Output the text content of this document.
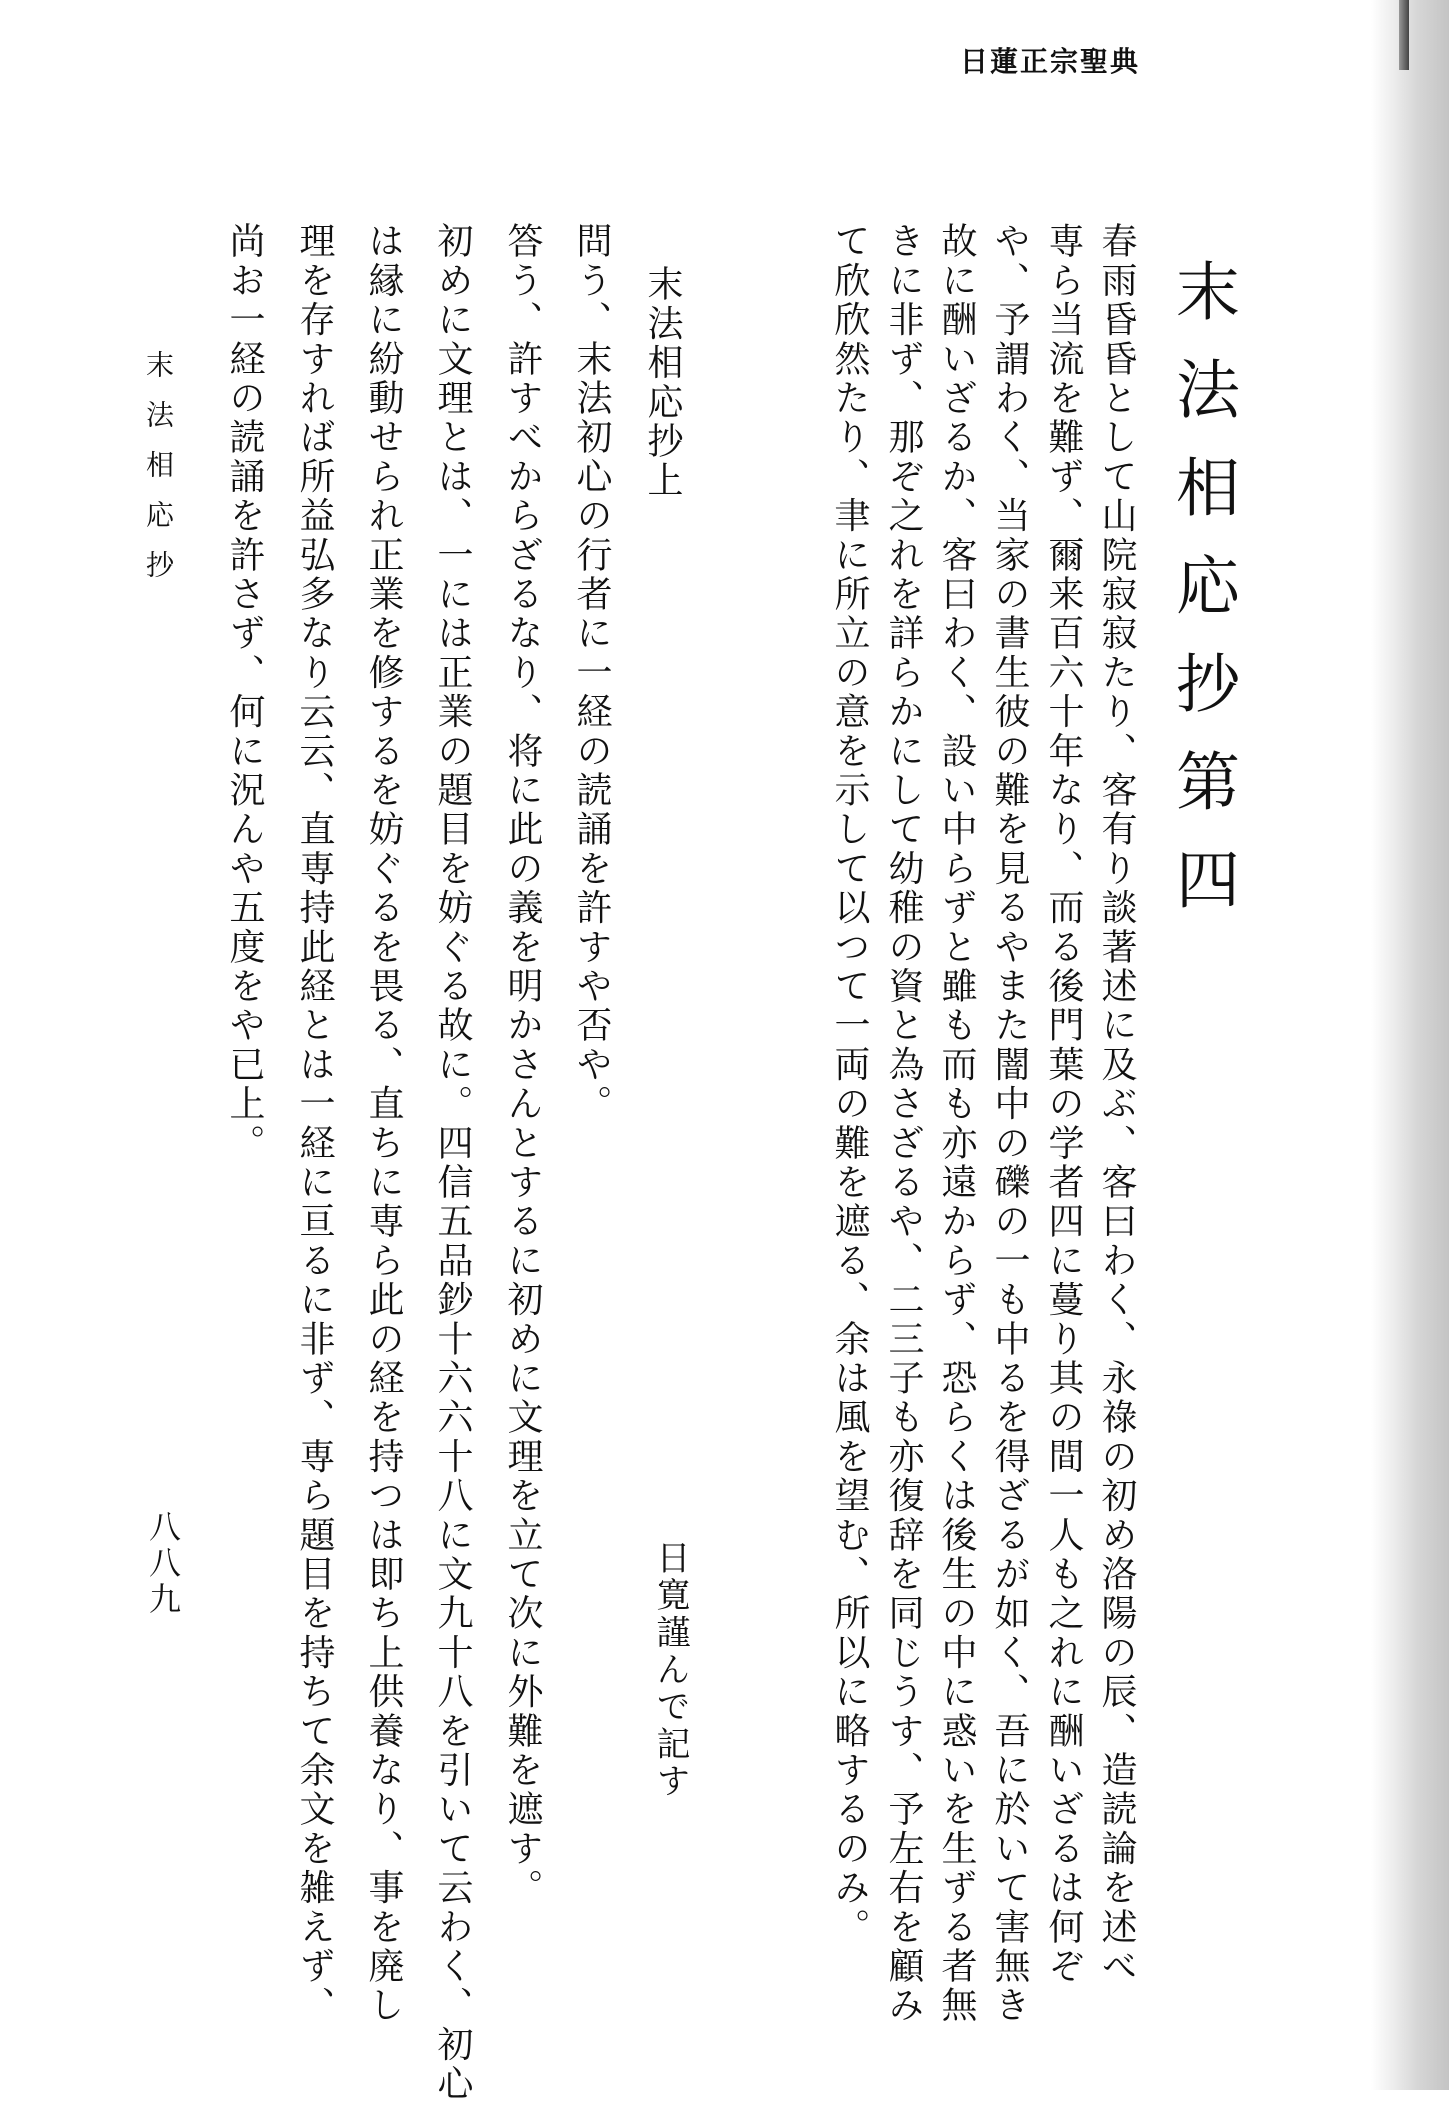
日蓮正宗聖典
末法相応抄第四
春雨昏昏として山院寂寂たり、客有り談著述に及ぶ、客曰わく、永祿の初め洛陽の辰、造読論を述べ
専ら当流を難ず、爾来百六十年なり、而る後門葉の学者四に蔓り其の間一人も之れに酬いざるは何ぞ
や、予謂わく、当家の書生彼の難を見るやまた闇中の礫の一も中るを得ざるが如く、吾に於いて害無き
故に酬いざるか、客曰わく、設い中らずと雖も而も亦遠からず、恐らくは後生の中に惑いを生ずる者無
きに非ず、那ぞ之れを詳らかにして幼稚の資と為さざるや、二三子も亦復辞を同じうす、予左右を顧み
て欣欣然たり、聿に所立の意を示して以つて一両の難を遮る、余は風を望む、所以に略するのみ。
日寛謹んで記す
末法相応抄上
問う、末法初心の行者に一経の読誦を許すや否や。
答う、許すべからざるなり、将に此の義を明かさんとするに初めに文理を立て次に外難を遮す。
初めに文理とは、一には正業の題目を妨ぐる故に。四信五品鈔十六六十八に文九十八を引いて云わく、初心
は縁に紛動せられ正業を修するを妨ぐるを畏る、直ちに専ら此の経を持つは即ち上供養なり、事を廃し
理を存すれば所益弘多なり云云、直専持此経とは一経に亘るに非ず、専ら題目を持ちて余文を雑えず、
尚お一経の読誦を許さず、何に況んや五度をや已上。
末法相応抄
八八九
